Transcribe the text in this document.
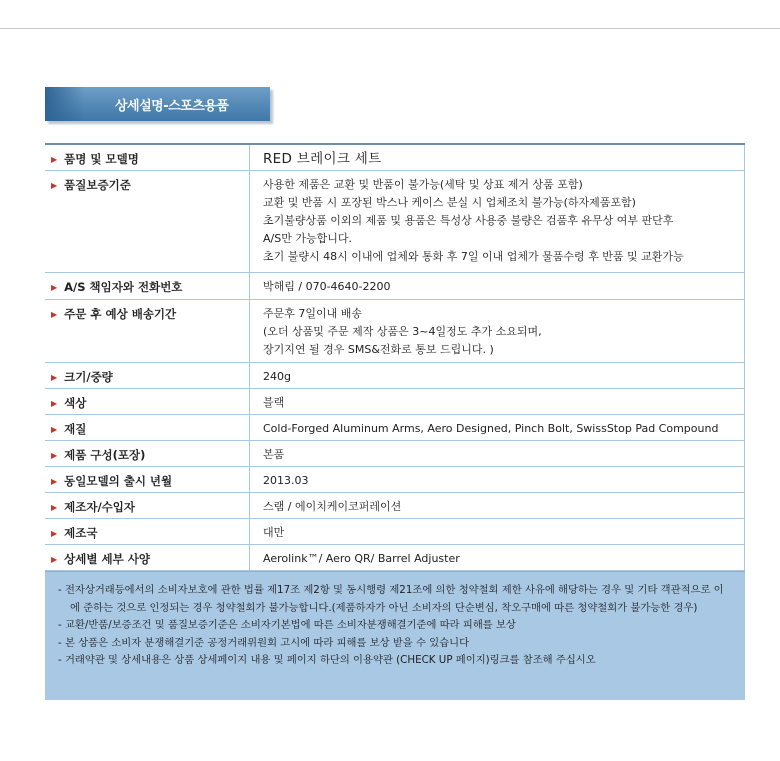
상세설명-스포츠용품
▶ 품명 및 모델명	RED 브레이크 세트

▶ 품질보증기준	사용한 제품은 교환 및 반품이 불가능(세탁 및 상표 제거 상품 포함)
교환 및 반품 시 포장된 박스나 케이스 분실 시 업체조치 불가능(하자제품포함)
초기불량상품 이외의 제품 및 용품은 특성상 사용중 불량은 검품후 유무상 여부 판단후
A/S만 가능합니다.
초기 불량시 48시 이내에 업체와 통화 후 7일 이내 업체가 물품수령 후 반품 및 교환가능

▶ A/S 책임자와 전화번호	박해림 / 070-4640-2200

▶ 주문 후 예상 배송기간	주문후 7일이내 배송
(오더 상품및 주문 제작 상품은 3~4일정도 추가 소요되며,
장기지연 될 경우 SMS&전화로 통보 드립니다. )

▶ 크기/중량	240g

▶ 색상	블랙

▶ 재질	Cold-Forged Aluminum Arms, Aero Designed, Pinch Bolt, SwissStop Pad Compound

▶ 제품 구성(포장)	본품

▶ 동일모델의 출시 년월	2013.03

▶ 제조자/수입자	스램 / 에이치케이코퍼레이션

▶ 제조국	대만

▶ 상세별 세부 사양	Aerolink™/ Aero QR/ Barrel Adjuster
- 전자상거래등에서의 소비자보호에 관한 법률 제17조 제2항 및 동시행령 제21조에 의한 청약철회 제한 사유에 해당하는 경우 및 기타 객관적으로 이에 준하는 것으로 인정되는 경우 청약철회가 불가능합니다.(제품하자가 아닌 소비자의 단순변심, 착오구매에 따른 청약철회가 불가능한 경우)
- 교환/반품/보증조건 및 품질보증기준은 소비자기본법에 따른 소비자분쟁해결기준에 따라 피해를 보상
- 본 상품은 소비자 분쟁해결기준 공정거래위원회 고시에 따라 피해를 보상 받을 수 있습니다
- 거래약관 및 상세내용은 상품 상세페이지 내용 및 페이지 하단의 이용약관 (CHECK UP 페이지)링크를 참조해 주십시오
